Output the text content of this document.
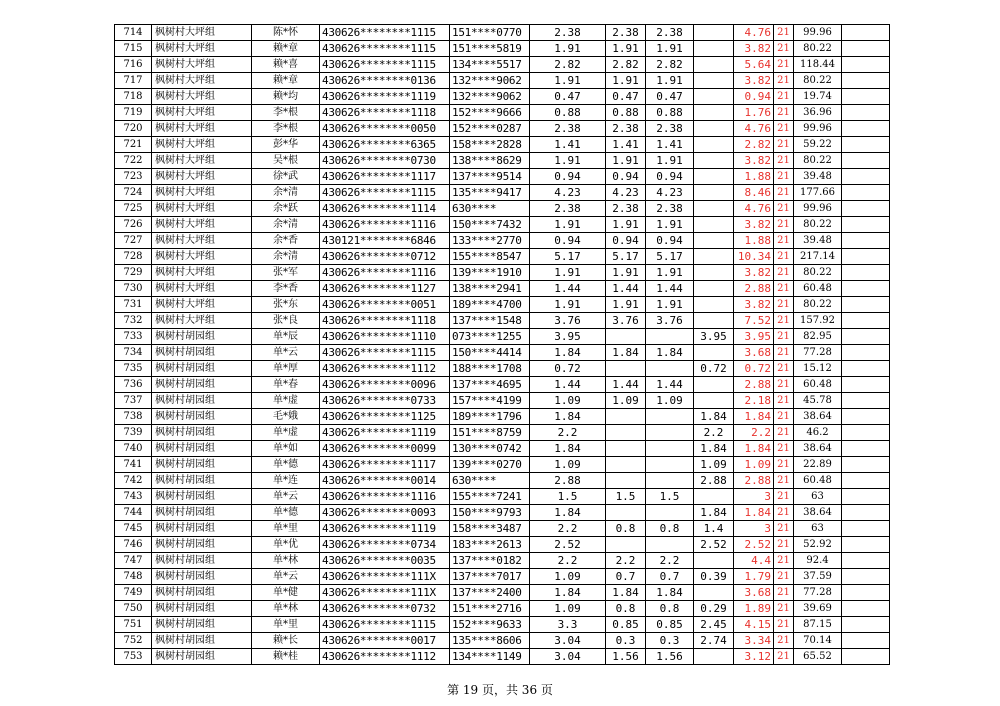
714	枫树村大坪组	陈*怀	430626********1115	151****0770	2.38	2.38	2.38		4.76	21	99.96	
715	枫树村大坪组	赖*章	430626********1115	151****5819	1.91	1.91	1.91		3.82	21	80.22	
716	枫树村大坪组	赖*喜	430626********1115	134****5517	2.82	2.82	2.82		5.64	21	118.44	
717	枫树村大坪组	赖*章	430626********0136	132****9062	1.91	1.91	1.91		3.82	21	80.22	
718	枫树村大坪组	赖*均	430626********1119	132****9062	0.47	0.47	0.47		0.94	21	19.74	
719	枫树村大坪组	李*根	430626********1118	152****9666	0.88	0.88	0.88		1.76	21	36.96	
720	枫树村大坪组	李*根	430626********0050	152****0287	2.38	2.38	2.38		4.76	21	99.96	
721	枫树村大坪组	彭*华	430626********6365	158****2828	1.41	1.41	1.41		2.82	21	59.22	
722	枫树村大坪组	吴*根	430626********0730	138****8629	1.91	1.91	1.91		3.82	21	80.22	
723	枫树村大坪组	徐*武	430626********1117	137****9514	0.94	0.94	0.94		1.88	21	39.48	
724	枫树村大坪组	余*清	430626********1115	135****9417	4.23	4.23	4.23		8.46	21	177.66	
725	枫树村大坪组	余*跃	430626********1114	630****	2.38	2.38	2.38		4.76	21	99.96	
726	枫树村大坪组	余*清	430626********1116	150****7432	1.91	1.91	1.91		3.82	21	80.22	
727	枫树村大坪组	余*香	430121********6846	133****2770	0.94	0.94	0.94		1.88	21	39.48	
728	枫树村大坪组	余*清	430626********0712	155****8547	5.17	5.17	5.17		10.34	21	217.14	
729	枫树村大坪组	张*军	430626********1116	139****1910	1.91	1.91	1.91		3.82	21	80.22	
730	枫树村大坪组	李*香	430626********1127	138****2941	1.44	1.44	1.44		2.88	21	60.48	
731	枫树村大坪组	张*东	430626********0051	189****4700	1.91	1.91	1.91		3.82	21	80.22	
732	枫树村大坪组	张*良	430626********1118	137****1548	3.76	3.76	3.76		7.52	21	157.92	
733	枫树村胡园组	单*辰	430626********1110	073****1255	3.95			3.95	3.95	21	82.95	
734	枫树村胡园组	单*云	430626********1115	150****4414	1.84	1.84	1.84		3.68	21	77.28	
735	枫树村胡园组	单*厚	430626********1112	188****1708	0.72			0.72	0.72	21	15.12	
736	枫树村胡园组	单*春	430626********0096	137****4695	1.44	1.44	1.44		2.88	21	60.48	
737	枫树村胡园组	单*虚	430626********0733	157****4199	1.09	1.09	1.09		2.18	21	45.78	
738	枫树村胡园组	毛*娥	430626********1125	189****1796	1.84			1.84	1.84	21	38.64	
739	枫树村胡园组	单*虚	430626********1119	151****8759	2.2			2.2	2.2	21	46.2	
740	枫树村胡园组	单*如	430626********0099	130****0742	1.84			1.84	1.84	21	38.64	
741	枫树村胡园组	单*德	430626********1117	139****0270	1.09			1.09	1.09	21	22.89	
742	枫树村胡园组	单*连	430626********0014	630****	2.88			2.88	2.88	21	60.48	
743	枫树村胡园组	单*云	430626********1116	155****7241	1.5	1.5	1.5		3	21	63	
744	枫树村胡园组	单*德	430626********0093	150****9793	1.84			1.84	1.84	21	38.64	
745	枫树村胡园组	单*里	430626********1119	158****3487	2.2	0.8	0.8	1.4	3	21	63	
746	枫树村胡园组	单*优	430626********0734	183****2613	2.52			2.52	2.52	21	52.92	
747	枫树村胡园组	单*林	430626********0035	137****0182	2.2	2.2	2.2		4.4	21	92.4	
748	枫树村胡园组	单*云	430626********111X	137****7017	1.09	0.7	0.7	0.39	1.79	21	37.59	
749	枫树村胡园组	单*健	430626********111X	137****2400	1.84	1.84	1.84		3.68	21	77.28	
750	枫树村胡园组	单*林	430626********0732	151****2716	1.09	0.8	0.8	0.29	1.89	21	39.69	
751	枫树村胡园组	单*里	430626********1115	152****9633	3.3	0.85	0.85	2.45	4.15	21	87.15	
752	枫树村胡园组	赖*长	430626********0017	135****8606	3.04	0.3	0.3	2.74	3.34	21	70.14	
753	枫树村胡园组	赖*桂	430626********1112	134****1149	3.04	1.56	1.56		3.12	21	65.52	
第 19 页，共 36 页
